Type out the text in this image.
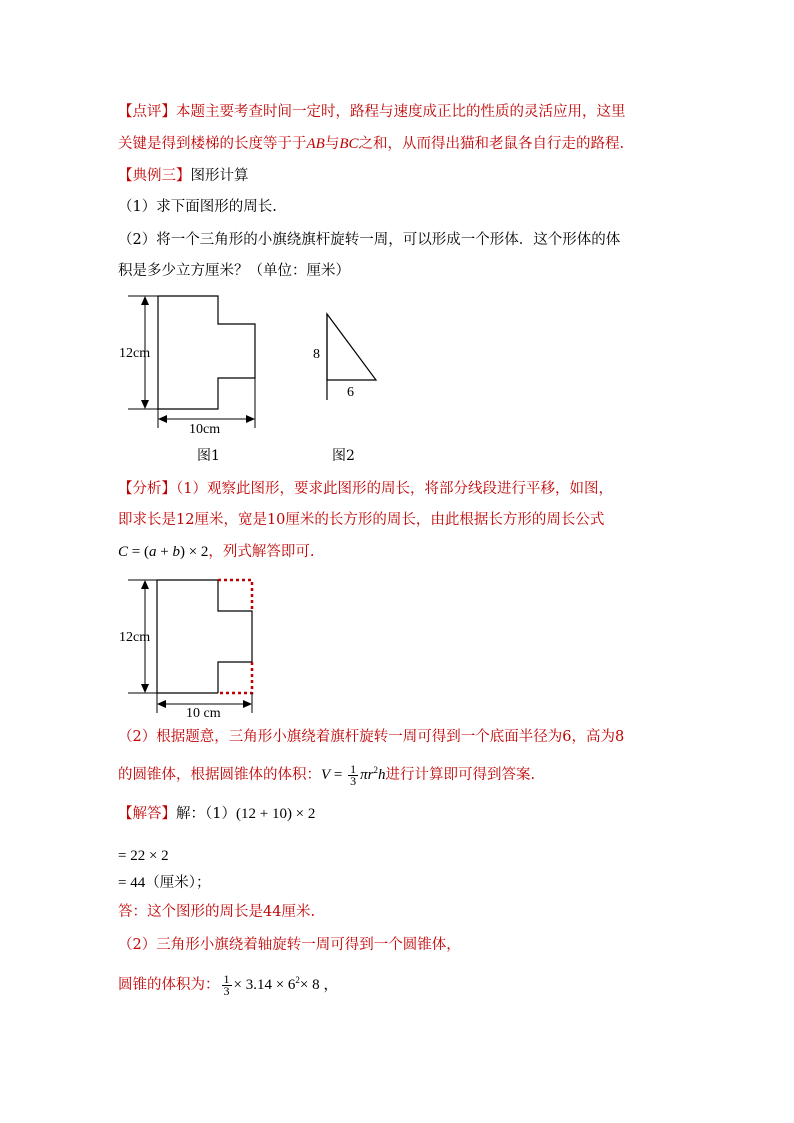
【点评】本题主要考查时间一定时，路程与速度成正比的性质的灵活应用，这里
关键是得到楼梯的长度等于于AB与BC之和，从而得出猫和老鼠各自行走的路程.
【典例三】图形计算
（1）求下面图形的周长.
（2）将一个三角形的小旗绕旗杆旋转一周，可以形成一个形体．这个形体的体
积是多少立方厘米？（单位：厘米）
12cm
10cm
图1
8
6
图2
【分析】（1）观察此图形，要求此图形的周长，将部分线段进行平移，如图，
即求长是12厘米，宽是10厘米的长方形的周长，由此根据长方形的周长公式
C = (a + b) × 2，列式解答即可.
12cm
10 cm
（2）根据题意，三角形小旗绕着旗杆旋转一周可得到一个底面半径为6，高为8
的圆锥体，根据圆锥体的体积：$V = \frac{1}{3} \pi r^2h$进行计算即可得到答案.
【解答】解：（1）(12 + 10) × 2
= 22 × 2
= 44（厘米）；
答：这个图形的周长是44厘米.
（2）三角形小旗绕着轴旋转一周可得到一个圆锥体，
圆锥的体积为： $\frac{1}{3} \times 3.14 \times 6^2\times 8$ ，
